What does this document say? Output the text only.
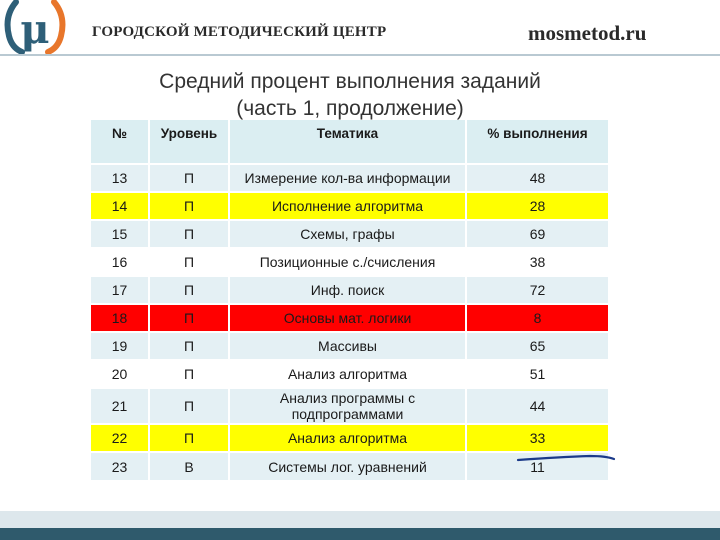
μ	ГОРОДСКОЙ МЕТОДИЧЕСКИЙ ЦЕНТР	mosmetod.ru
Средний процент выполнения заданий
(часть 1, продолжение)
№	Уровень	Тематика	% выполнения
13	П	Измерение кол-ва информации	48
14	П	Исполнение алгоритма	28
15	П	Схемы, графы	69
16	П	Позиционные с./счисления	38
17	П	Инф. поиск	72
18	П	Основы мат. логики	8
19	П	Массивы	65
20	П	Анализ алгоритма	51
21	П	Анализ программы с подпрограммами	44
22	П	Анализ алгоритма	33
23	В	Системы лог. уравнений	11
